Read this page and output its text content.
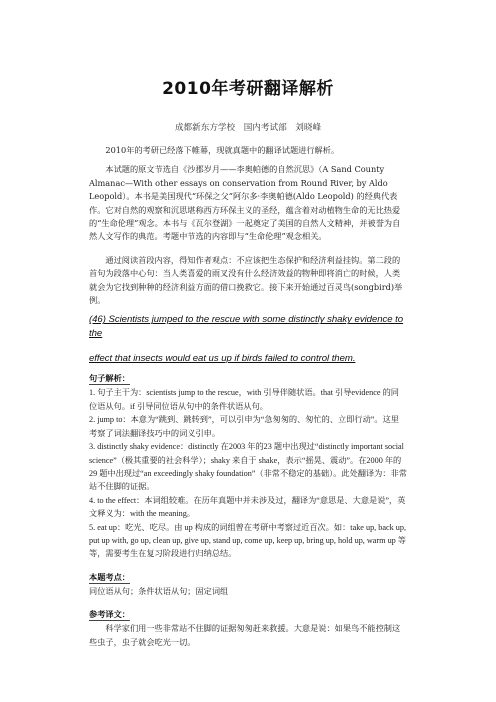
2010年考研翻译解析
成都新东方学校　国内考试部　刘晓峰

2010年的考研已经落下帷幕，现就真题中的翻译试题进行解析。

本试题的原文节选自《沙郡岁月——李奥帕德的自然沉思》（A Sand County Almanac—With other essays on conservation from Round River, by Aldo Leopold）。本书是美国现代“环保之父”阿尔多·李奥帕德(Aldo Leopold) 的经典代表作。它对自然的观察和沉思堪称西方环保主义的圣经，蕴含着对动植物生命的无比热爱的“生命伦理”观念。本书与《瓦尔登湖》一起奠定了美国的自然人文精神，并被誉为自然人文写作的典范。考题中节选的内容即与“生命伦理”观念相关。

通过阅读首段内容，得知作者观点：不应该把生态保护和经济利益挂钩。第二段的首句为段落中心句：当人类喜爱的雨叉没有什么经济效益的物种即将消亡的时候，人类就会为它找到种种的经济利益方面的借口挽救它。接下来开始通过百灵鸟(songbird)举例。

(46) Scientists jumped to the rescue with some distinctly shaky evidence to the

effect that insects would eat us up if birds failed to control them.

句子解析：

1. 句子主干为：scientists jump to the rescue，with 引导伴随状语。that 引导evidence 的同位语从句。if 引导同位语从句中的条件状语从句。

2. jump to：本意为“跳到、跳转到”，可以引申为“急匆匆的、匆忙的、立即行动”。这里考察了词法翻译技巧中的词义引申。

3. distinctly shaky evidence：distinctly 在2003 年的23 题中出现过“distinctly important social science”（极其重要的社会科学）；shaky 来自于 shake，表示“摇晃、震动”。在2000 年的29 题中出现过“an exceedingly shaky foundation”（非常不稳定的基础）。此处翻译为：非常站不住脚的证据。

4. to the effect：本词组较难。在历年真题中并未涉及过，翻译为“意思是、大意是说”，英文释义为：with the meaning。

5. eat up：吃光、吃尽。由 up 构成的词组曾在考研中考察过近百次。如：take up, back up, put up with, go up, clean up, give up, stand up, come up, keep up, bring up, hold up, warm up 等等，需要考生在复习阶段进行归纳总结。

本题考点：

同位语从句；条件状语从句；固定词组

参考译文：

科学家们用一些非常站不住脚的证据匆匆赶来救援。大意是说：如果鸟不能控制这些虫子，虫子就会吃光一切。
